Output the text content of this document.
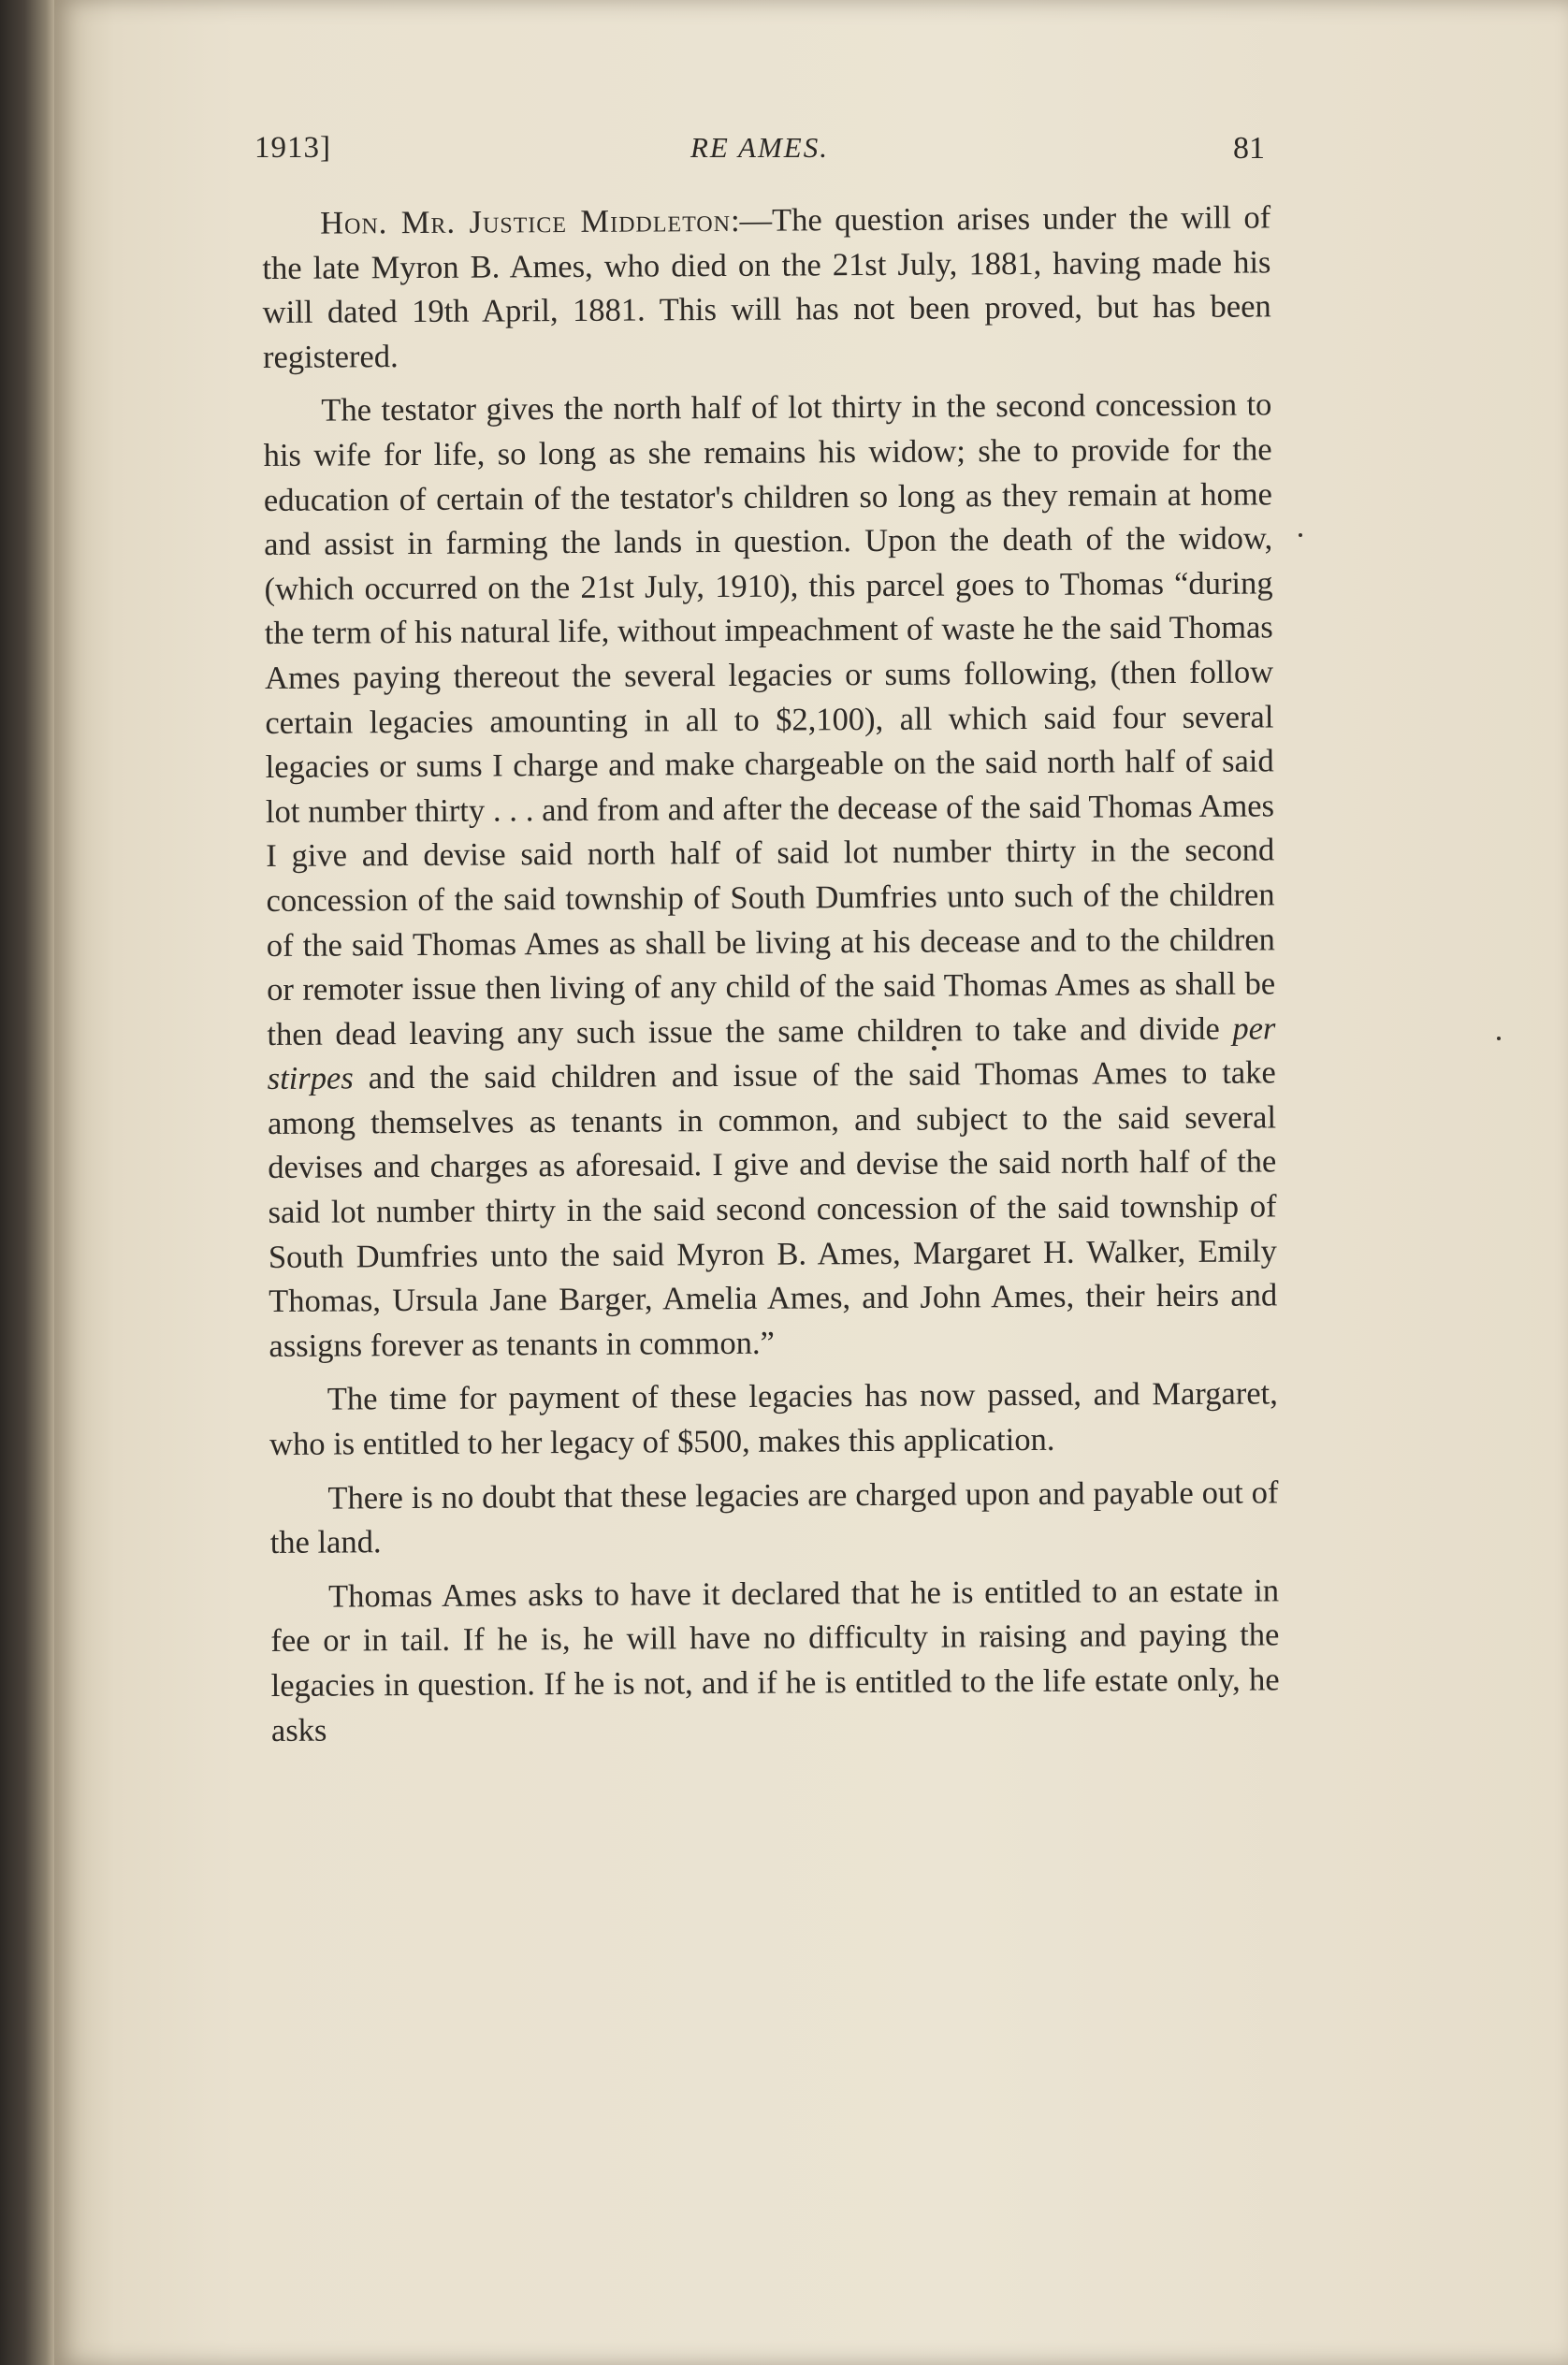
1913]	RE AMES.	81

Hon. Mr. Justice Middleton:—The question arises under the will of the late Myron B. Ames, who died on the 21st July, 1881, having made his will dated 19th April, 1881. This will has not been proved, but has been registered.

The testator gives the north half of lot thirty in the second concession to his wife for life, so long as she remains his widow; she to provide for the education of certain of the testator's children so long as they remain at home and assist in farming the lands in question. Upon the death of the widow, (which occurred on the 21st July, 1910), this parcel goes to Thomas “during the term of his natural life, without impeachment of waste he the said Thomas Ames paying thereout the several legacies or sums following, (then follow certain legacies amounting in all to $2,100), all which said four several legacies or sums I charge and make chargeable on the said north half of said lot number thirty . . . and from and after the decease of the said Thomas Ames I give and devise said north half of said lot number thirty in the second concession of the said township of South Dumfries unto such of the children of the said Thomas Ames as shall be living at his decease and to the children or remoter issue then living of any child of the said Thomas Ames as shall be then dead leaving any such issue the same children to take and divide per stirpes and the said children and issue of the said Thomas Ames to take among themselves as tenants in common, and subject to the said several devises and charges as aforesaid. I give and devise the said north half of the said lot number thirty in the said second concession of the said township of South Dumfries unto the said Myron B. Ames, Margaret H. Walker, Emily Thomas, Ursula Jane Barger, Amelia Ames, and John Ames, their heirs and assigns forever as tenants in common.”

The time for payment of these legacies has now passed, and Margaret, who is entitled to her legacy of $500, makes this application.

There is no doubt that these legacies are charged upon and payable out of the land.

Thomas Ames asks to have it declared that he is entitled to an estate in fee or in tail. If he is, he will have no difficulty in raising and paying the legacies in question. If he is not, and if he is entitled to the life estate only, he asks
